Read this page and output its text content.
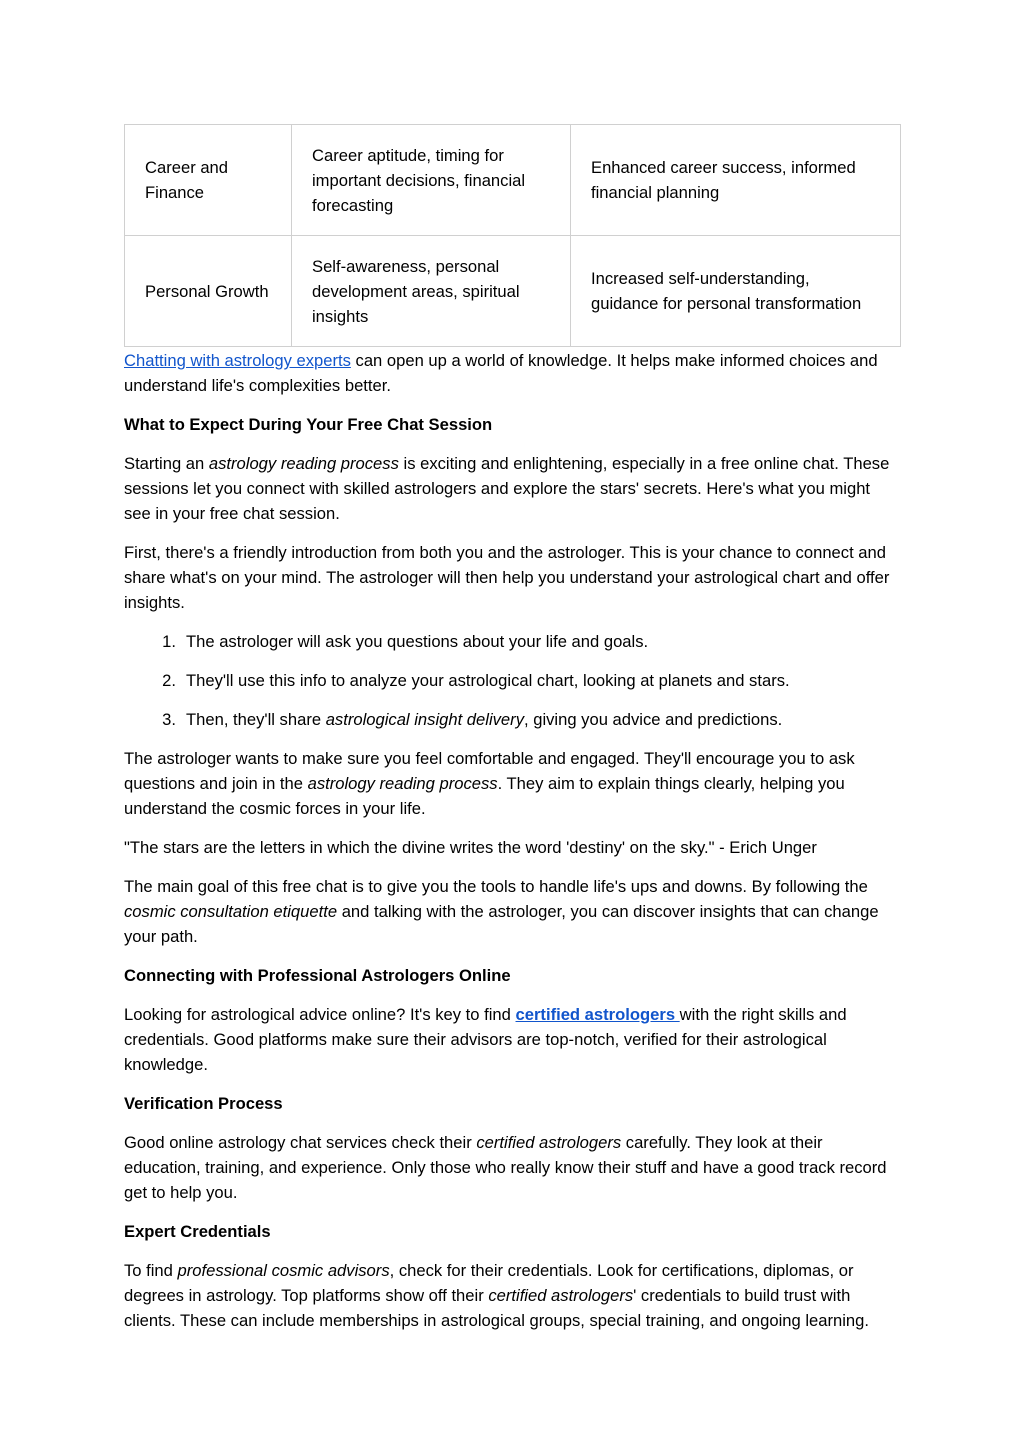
Career and Finance	Career aptitude, timing for important decisions, financial forecasting	Enhanced career success, informed financial planning
Personal Growth	Self-awareness, personal development areas, spiritual insights	Increased self-understanding, guidance for personal transformation

Chatting with astrology experts can open up a world of knowledge. It helps make informed choices and understand life's complexities better.

What to Expect During Your Free Chat Session

Starting an astrology reading process is exciting and enlightening, especially in a free online chat. These sessions let you connect with skilled astrologers and explore the stars' secrets. Here's what you might see in your free chat session.

First, there's a friendly introduction from both you and the astrologer. This is your chance to connect and share what's on your mind. The astrologer will then help you understand your astrological chart and offer insights.

1. The astrologer will ask you questions about your life and goals.
2. They'll use this info to analyze your astrological chart, looking at planets and stars.
3. Then, they'll share astrological insight delivery, giving you advice and predictions.

The astrologer wants to make sure you feel comfortable and engaged. They'll encourage you to ask questions and join in the astrology reading process. They aim to explain things clearly, helping you understand the cosmic forces in your life.

"The stars are the letters in which the divine writes the word 'destiny' on the sky." - Erich Unger

The main goal of this free chat is to give you the tools to handle life's ups and downs. By following the cosmic consultation etiquette and talking with the astrologer, you can discover insights that can change your path.

Connecting with Professional Astrologers Online

Looking for astrological advice online? It's key to find certified astrologers with the right skills and credentials. Good platforms make sure their advisors are top-notch, verified for their astrological knowledge.

Verification Process

Good online astrology chat services check their certified astrologers carefully. They look at their education, training, and experience. Only those who really know their stuff and have a good track record get to help you.

Expert Credentials

To find professional cosmic advisors, check for their credentials. Look for certifications, diplomas, or degrees in astrology. Top platforms show off their certified astrologers' credentials to build trust with clients. These can include memberships in astrological groups, special training, and ongoing learning.
